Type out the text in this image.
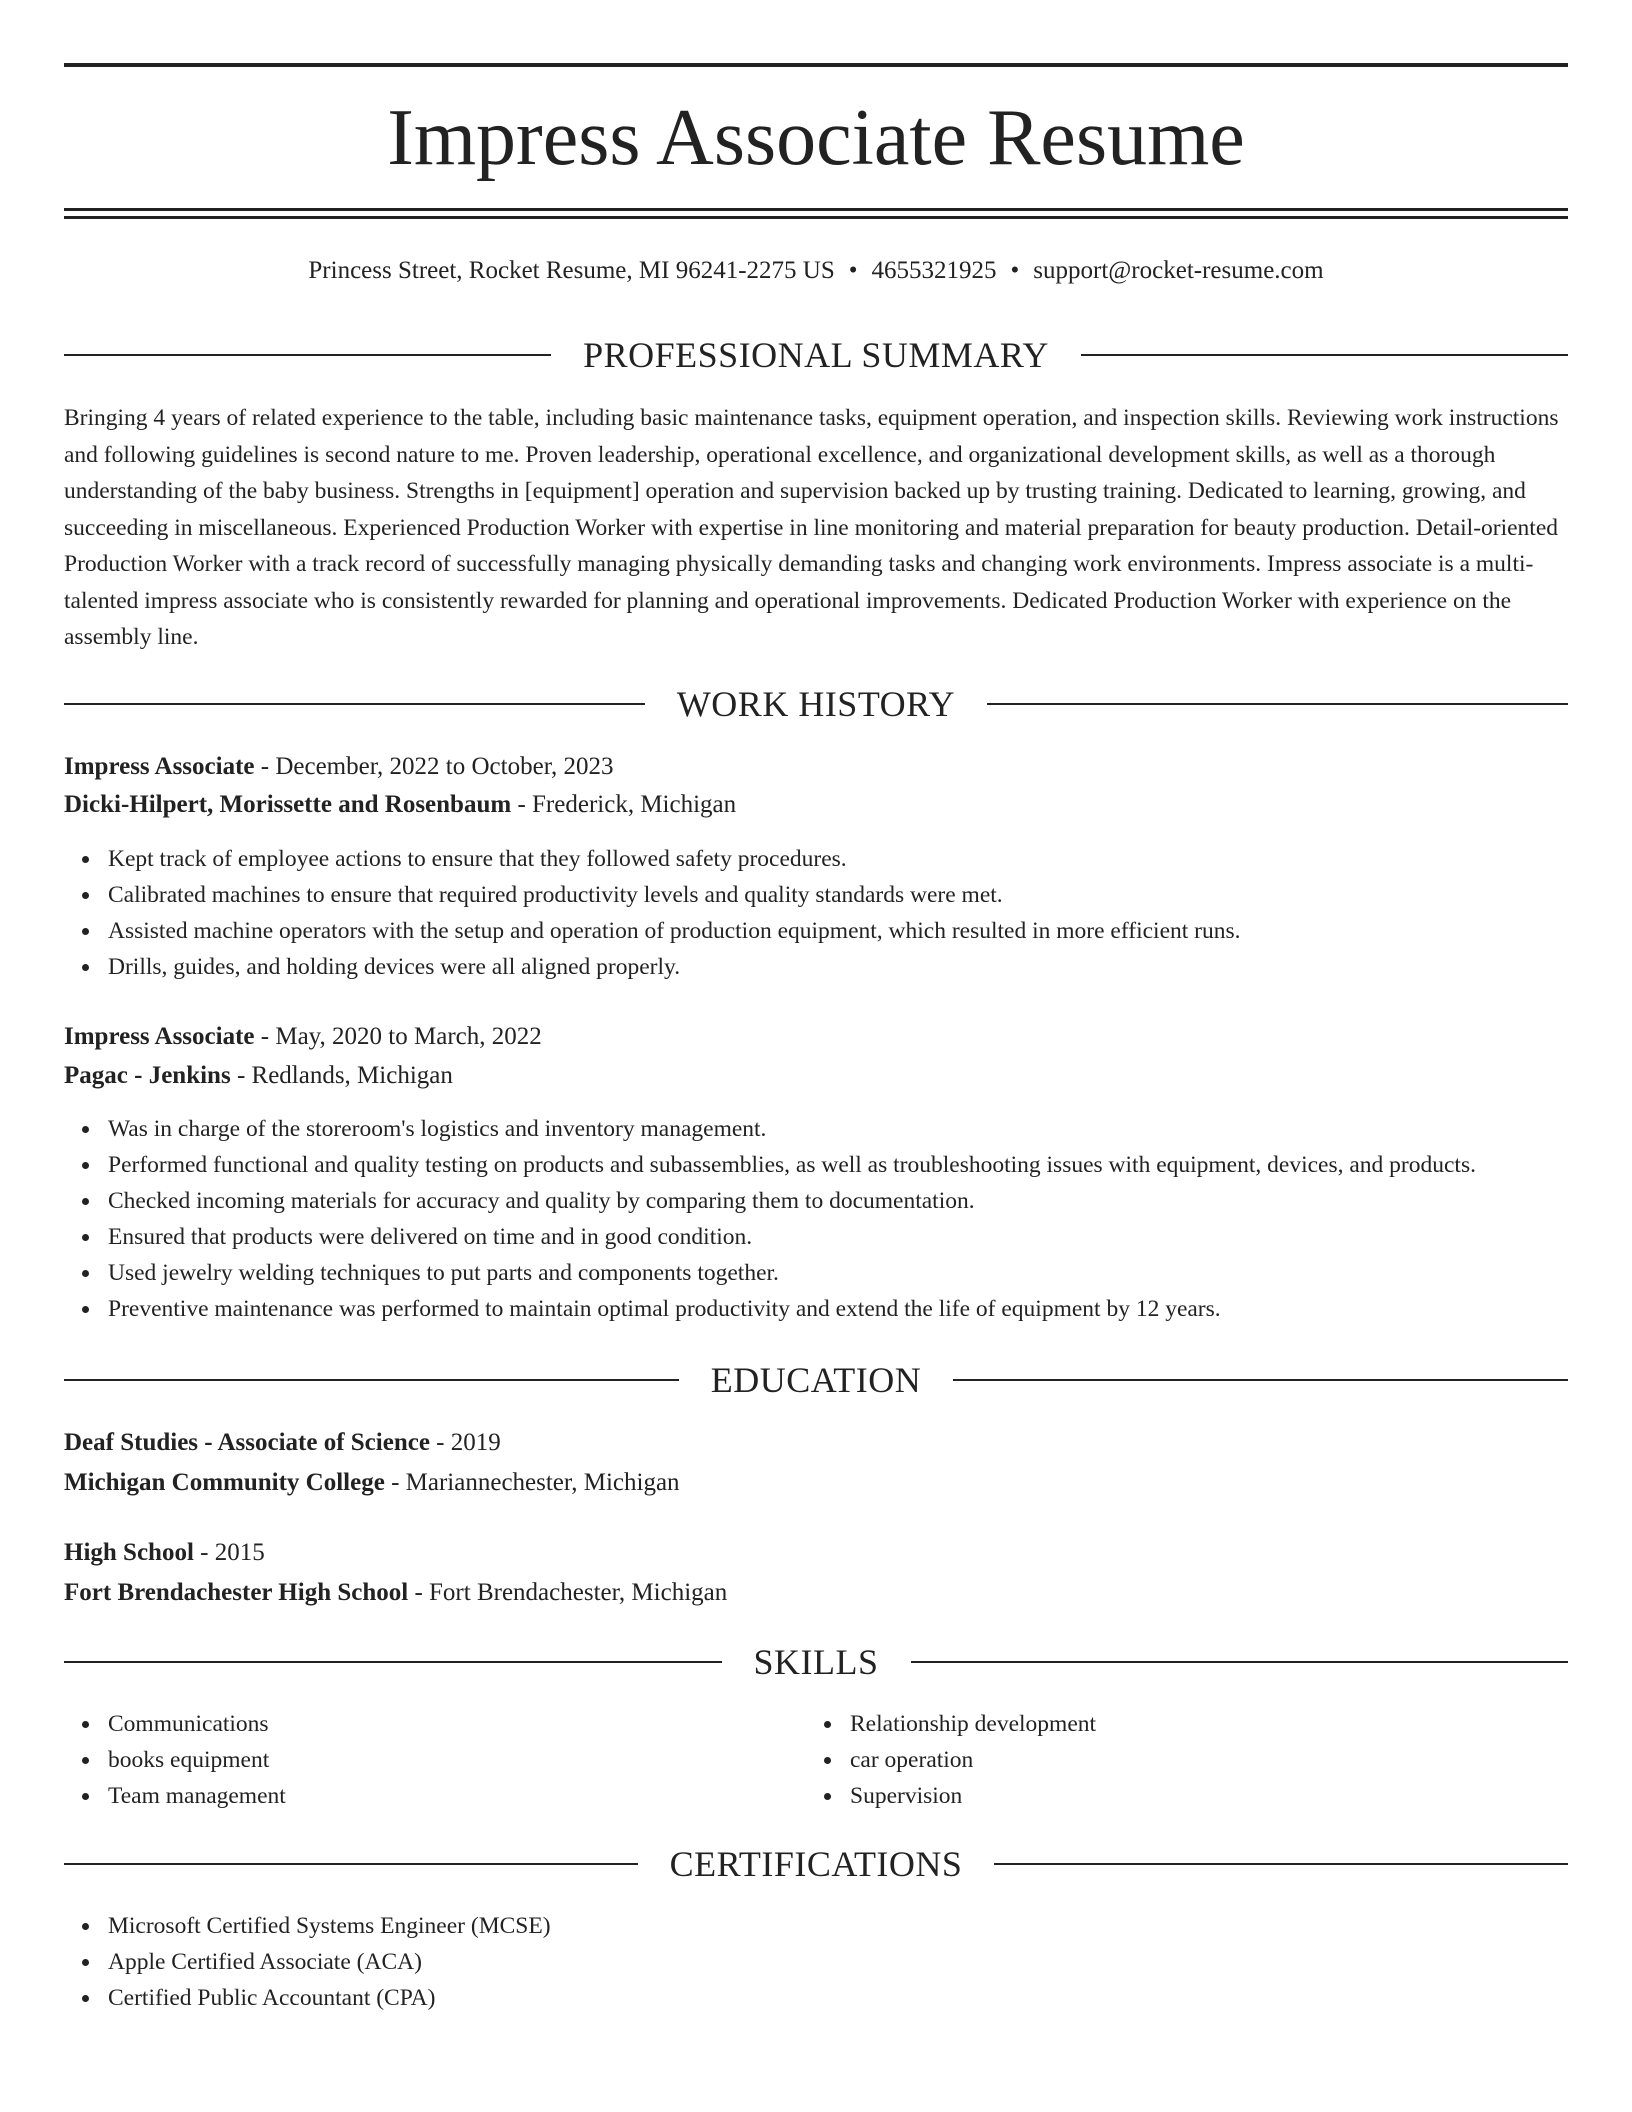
Impress Associate Resume
Princess Street, Rocket Resume, MI 96241-2275 US • 4655321925 • support@rocket-resume.com
PROFESSIONAL SUMMARY

Bringing 4 years of related experience to the table, including basic maintenance tasks, equipment operation, and inspection skills. Reviewing work instructions and following guidelines is second nature to me. Proven leadership, operational excellence, and organizational development skills, as well as a thorough understanding of the baby business. Strengths in [equipment] operation and supervision backed up by trusting training. Dedicated to learning, growing, and succeeding in miscellaneous. Experienced Production Worker with expertise in line monitoring and material preparation for beauty production. Detail-oriented Production Worker with a track record of successfully managing physically demanding tasks and changing work environments. Impress associate is a multi-talented impress associate who is consistently rewarded for planning and operational improvements. Dedicated Production Worker with experience on the assembly line.

WORK HISTORY
Impress Associate - December, 2022 to October, 2023
Dicki-Hilpert, Morissette and Rosenbaum - Frederick, Michigan
Kept track of employee actions to ensure that they followed safety procedures.
Calibrated machines to ensure that required productivity levels and quality standards were met.
Assisted machine operators with the setup and operation of production equipment, which resulted in more efficient runs.
Drills, guides, and holding devices were all aligned properly.
Impress Associate - May, 2020 to March, 2022
Pagac - Jenkins - Redlands, Michigan
Was in charge of the storeroom's logistics and inventory management.
Performed functional and quality testing on products and subassemblies, as well as troubleshooting issues with equipment, devices, and products.
Checked incoming materials for accuracy and quality by comparing them to documentation.
Ensured that products were delivered on time and in good condition.
Used jewelry welding techniques to put parts and components together.
Preventive maintenance was performed to maintain optimal productivity and extend the life of equipment by 12 years.
EDUCATION
Deaf Studies - Associate of Science - 2019
Michigan Community College - Mariannechester, Michigan
High School - 2015
Fort Brendachester High School - Fort Brendachester, Michigan
SKILLS
Communications
books equipment
Team management
Relationship development
car operation
Supervision
CERTIFICATIONS
Microsoft Certified Systems Engineer (MCSE)
Apple Certified Associate (ACA)
Certified Public Accountant (CPA)
